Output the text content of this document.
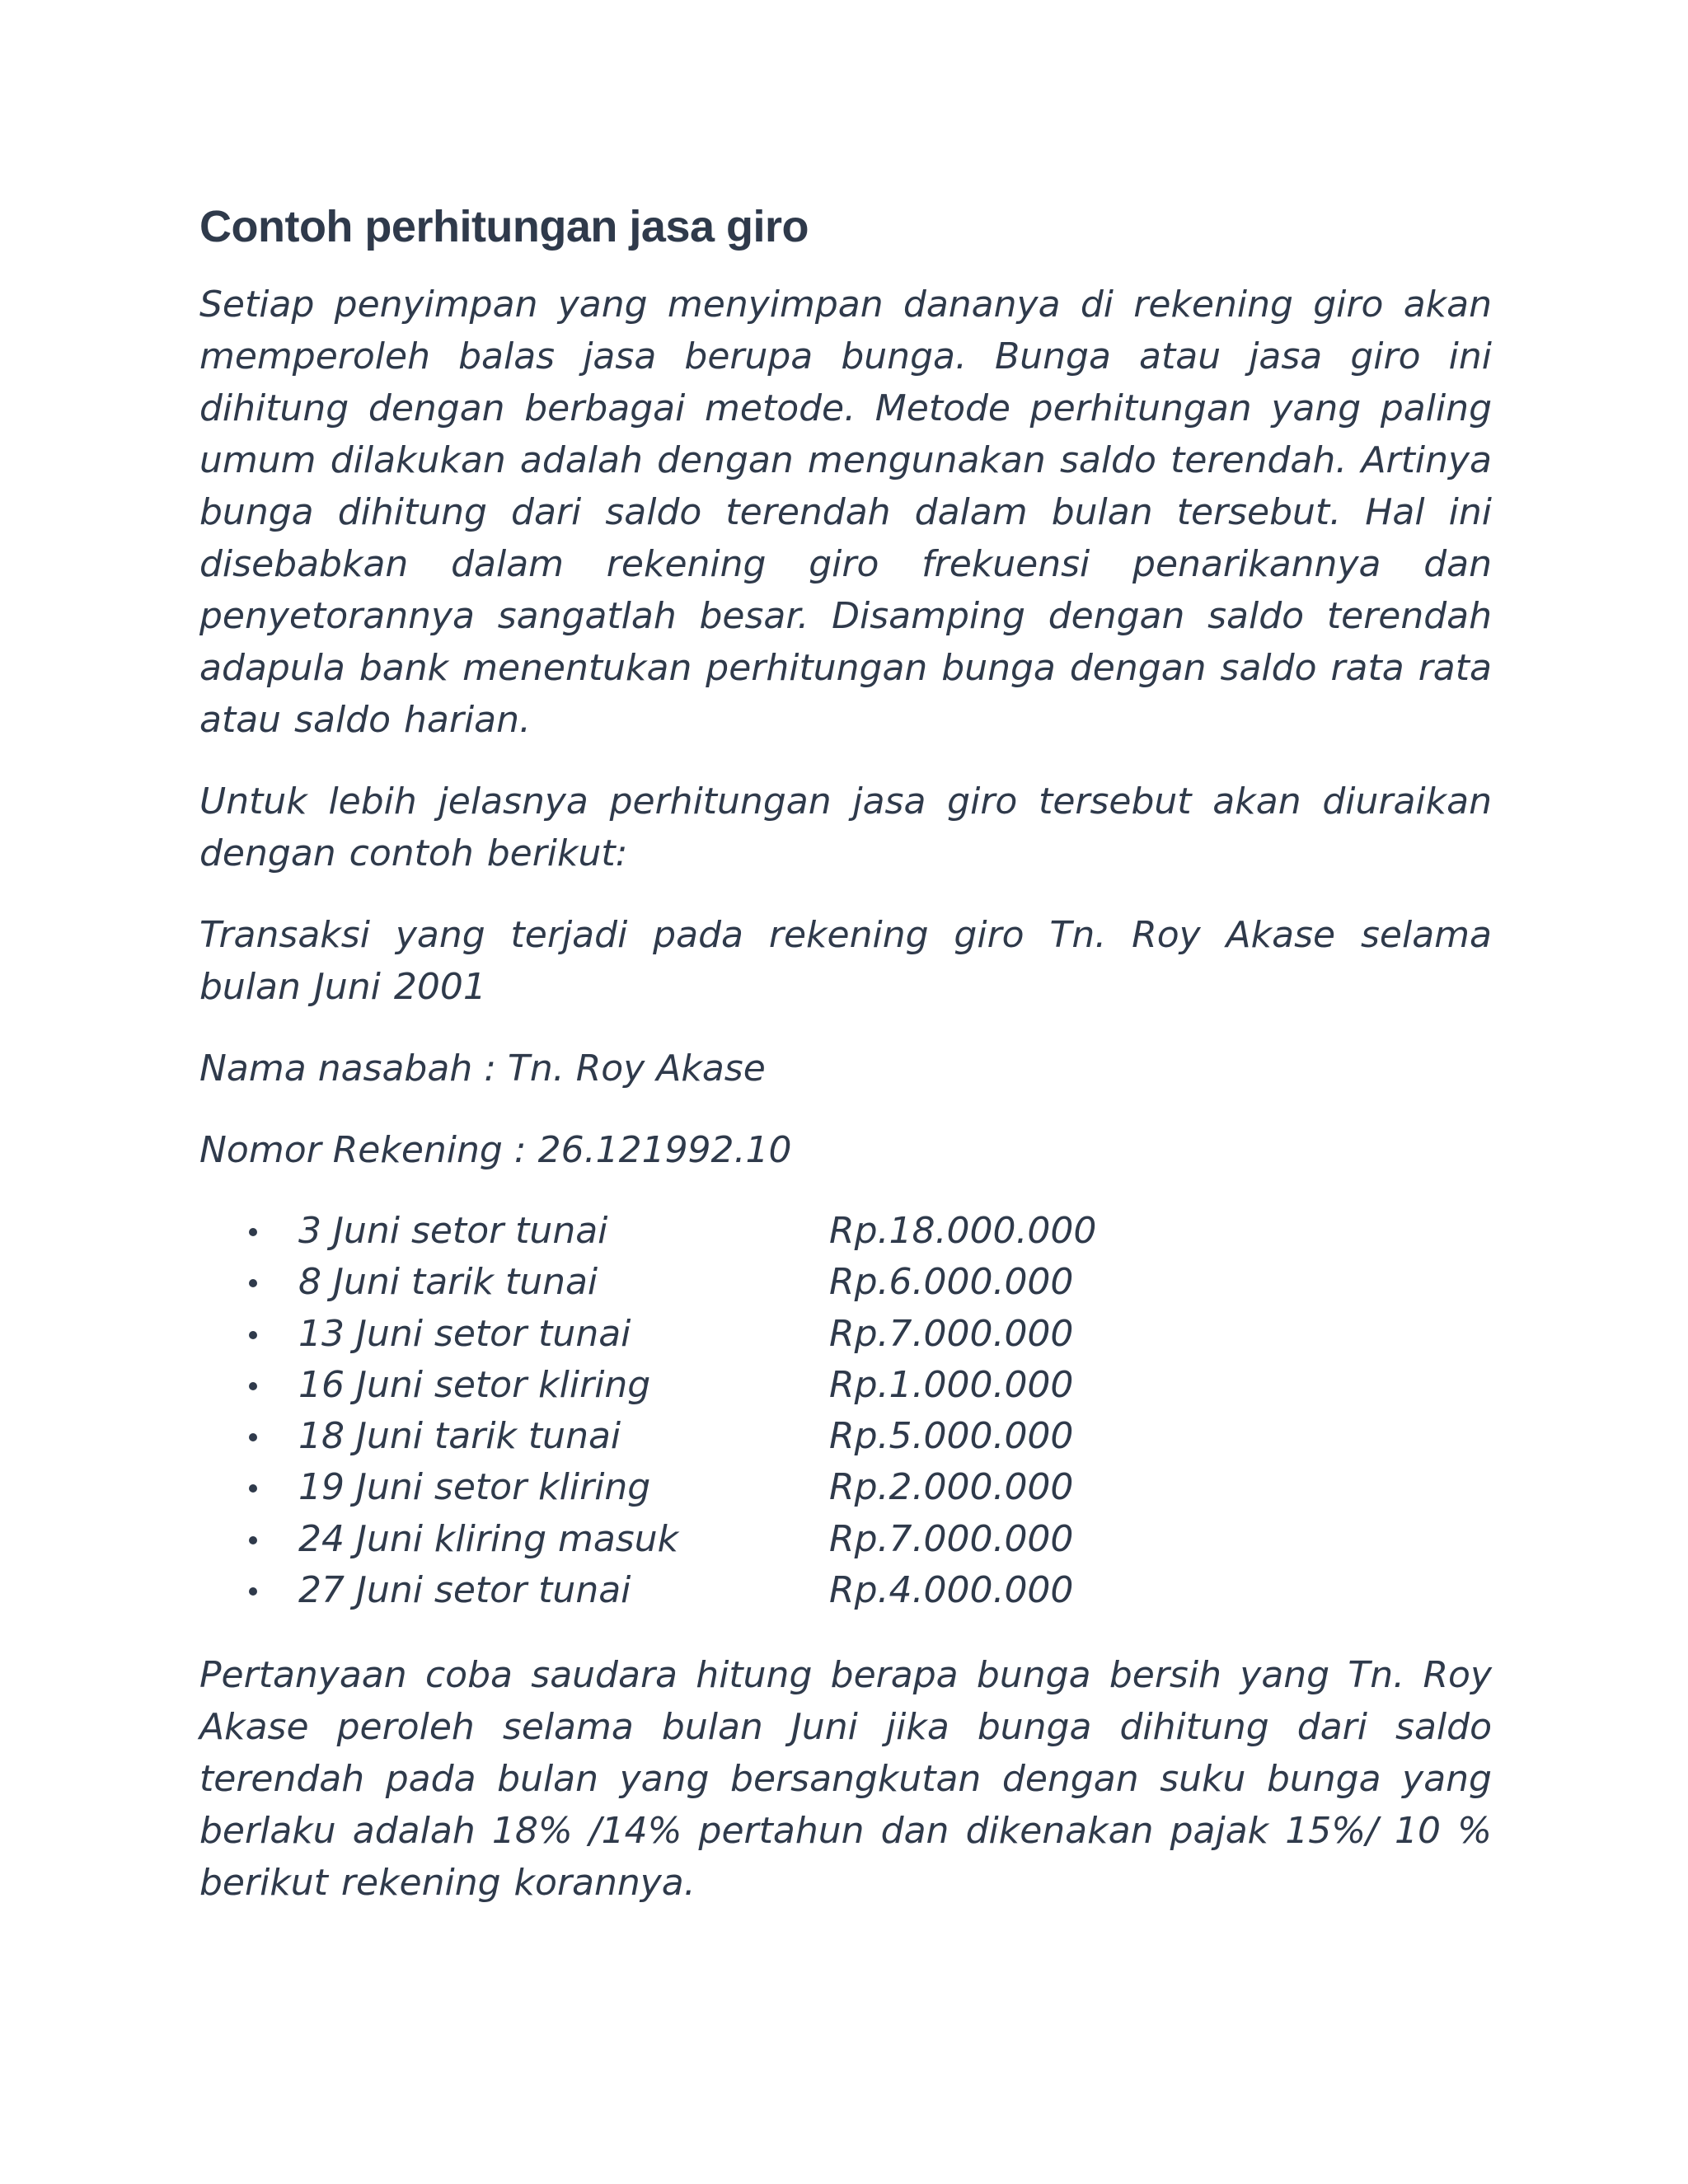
Contoh perhitungan jasa giro

Setiap penyimpan yang menyimpan dananya di rekening giro akan memperoleh balas jasa berupa bunga. Bunga atau jasa giro ini dihitung dengan berbagai metode. Metode perhitungan yang paling umum dilakukan adalah dengan mengunakan saldo terendah. Artinya bunga dihitung dari saldo terendah dalam bulan tersebut. Hal ini disebabkan dalam rekening giro frekuensi penarikannya dan penyetorannya sangatlah besar. Disamping dengan saldo terendah adapula bank menentukan perhitungan bunga dengan saldo rata rata atau saldo harian.

Untuk lebih jelasnya perhitungan jasa giro tersebut akan diuraikan dengan contoh berikut:

Transaksi yang terjadi pada rekening giro Tn. Roy Akase selama bulan Juni 2001

Nama nasabah : Tn. Roy Akase
Nomor Rekening : 26.121992.10
3 Juni setor tunai	Rp.18.000.000
8 Juni tarik tunai	Rp.6.000.000
13 Juni setor tunai	Rp.7.000.000
16 Juni setor kliring	Rp.1.000.000
18 Juni tarik tunai	Rp.5.000.000
19 Juni setor kliring	Rp.2.000.000
24 Juni kliring masuk	Rp.7.000.000
27 Juni setor tunai	Rp.4.000.000

Pertanyaan coba saudara hitung berapa bunga bersih yang Tn. Roy Akase peroleh selama bulan Juni jika bunga dihitung dari saldo terendah pada bulan yang bersangkutan dengan suku bunga yang berlaku adalah 18% /14% pertahun dan dikenakan pajak 15%/ 10 % berikut rekening korannya.
